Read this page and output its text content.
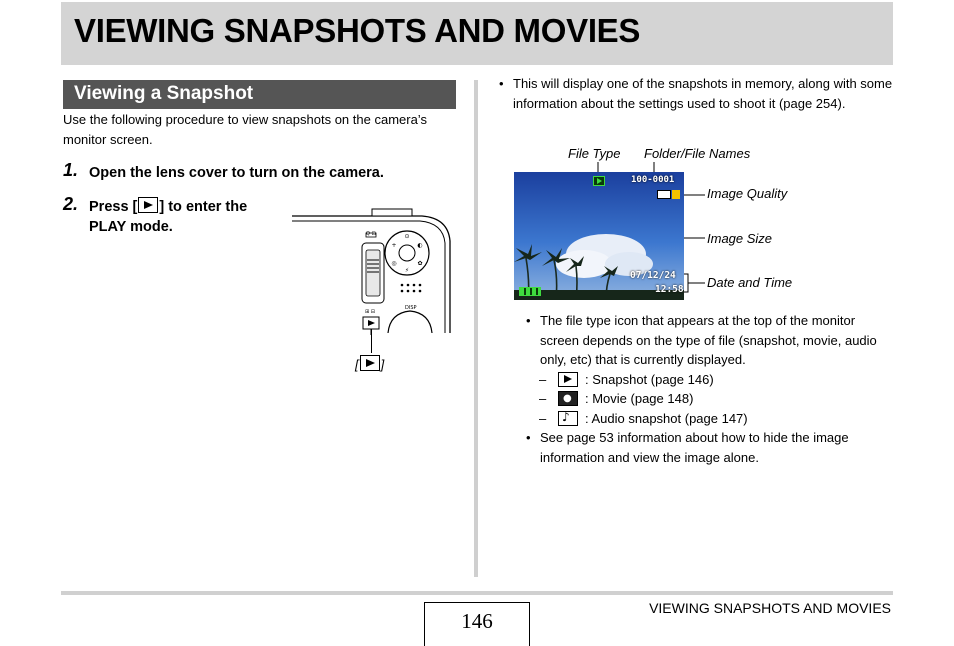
VIEWING SNAPSHOTS AND MOVIES
Viewing a Snapshot

Use the following procedure to view snapshots on the camera’s monitor screen.

1. Open the lens cover to turn on the camera.
2. Press [ ] to enter the
PLAY mode.
⊙
◐
✿
⚡
◎
+
DISP
Q ⊡
⊞ ⊟
[ ]
• This will display one of the snapshots in memory, along with some information about the settings used to shoot it (page 254).
File Type Folder/File Names
Image Quality
Image Size
Date and Time
100-0001
07/12/24
12:58
• The file type icon that appears at the top of the monitor screen depends on the type of file (snapshot, movie, audio only, etc) that is currently displayed.
–	: Snapshot (page 146)
– ● : Movie (page 148)
– ♪ : Audio snapshot (page 147)
• See page 53 information about how to hide the image information and view the image alone.
146
VIEWING SNAPSHOTS AND MOVIES
